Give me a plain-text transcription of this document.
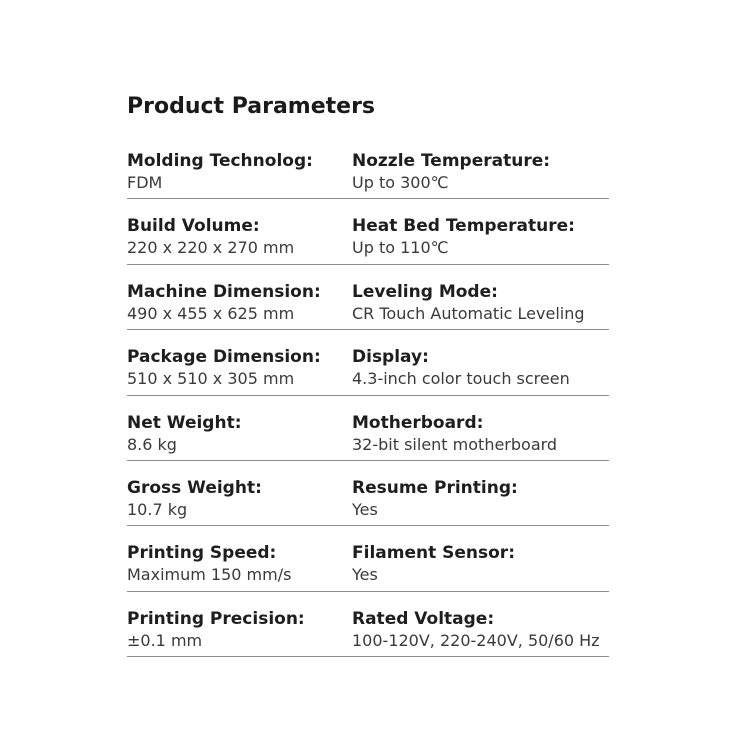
Product Parameters
Molding Technolog:
FDM
Nozzle Temperature:
Up to 300℃
Build Volume:
220 x 220 x 270 mm
Heat Bed Temperature:
Up to 110℃
Machine Dimension:
490 x 455 x 625 mm
Leveling Mode:
CR Touch Automatic Leveling
Package Dimension:
510 x 510 x 305 mm
Display:
4.3-inch color touch screen
Net Weight:
8.6 kg
Motherboard:
32-bit silent motherboard
Gross Weight:
10.7 kg
Resume Printing:
Yes
Printing Speed:
Maximum 150 mm/s
Filament Sensor:
Yes
Printing Precision:
±0.1 mm
Rated Voltage:
100-120V, 220-240V, 50/60 Hz
